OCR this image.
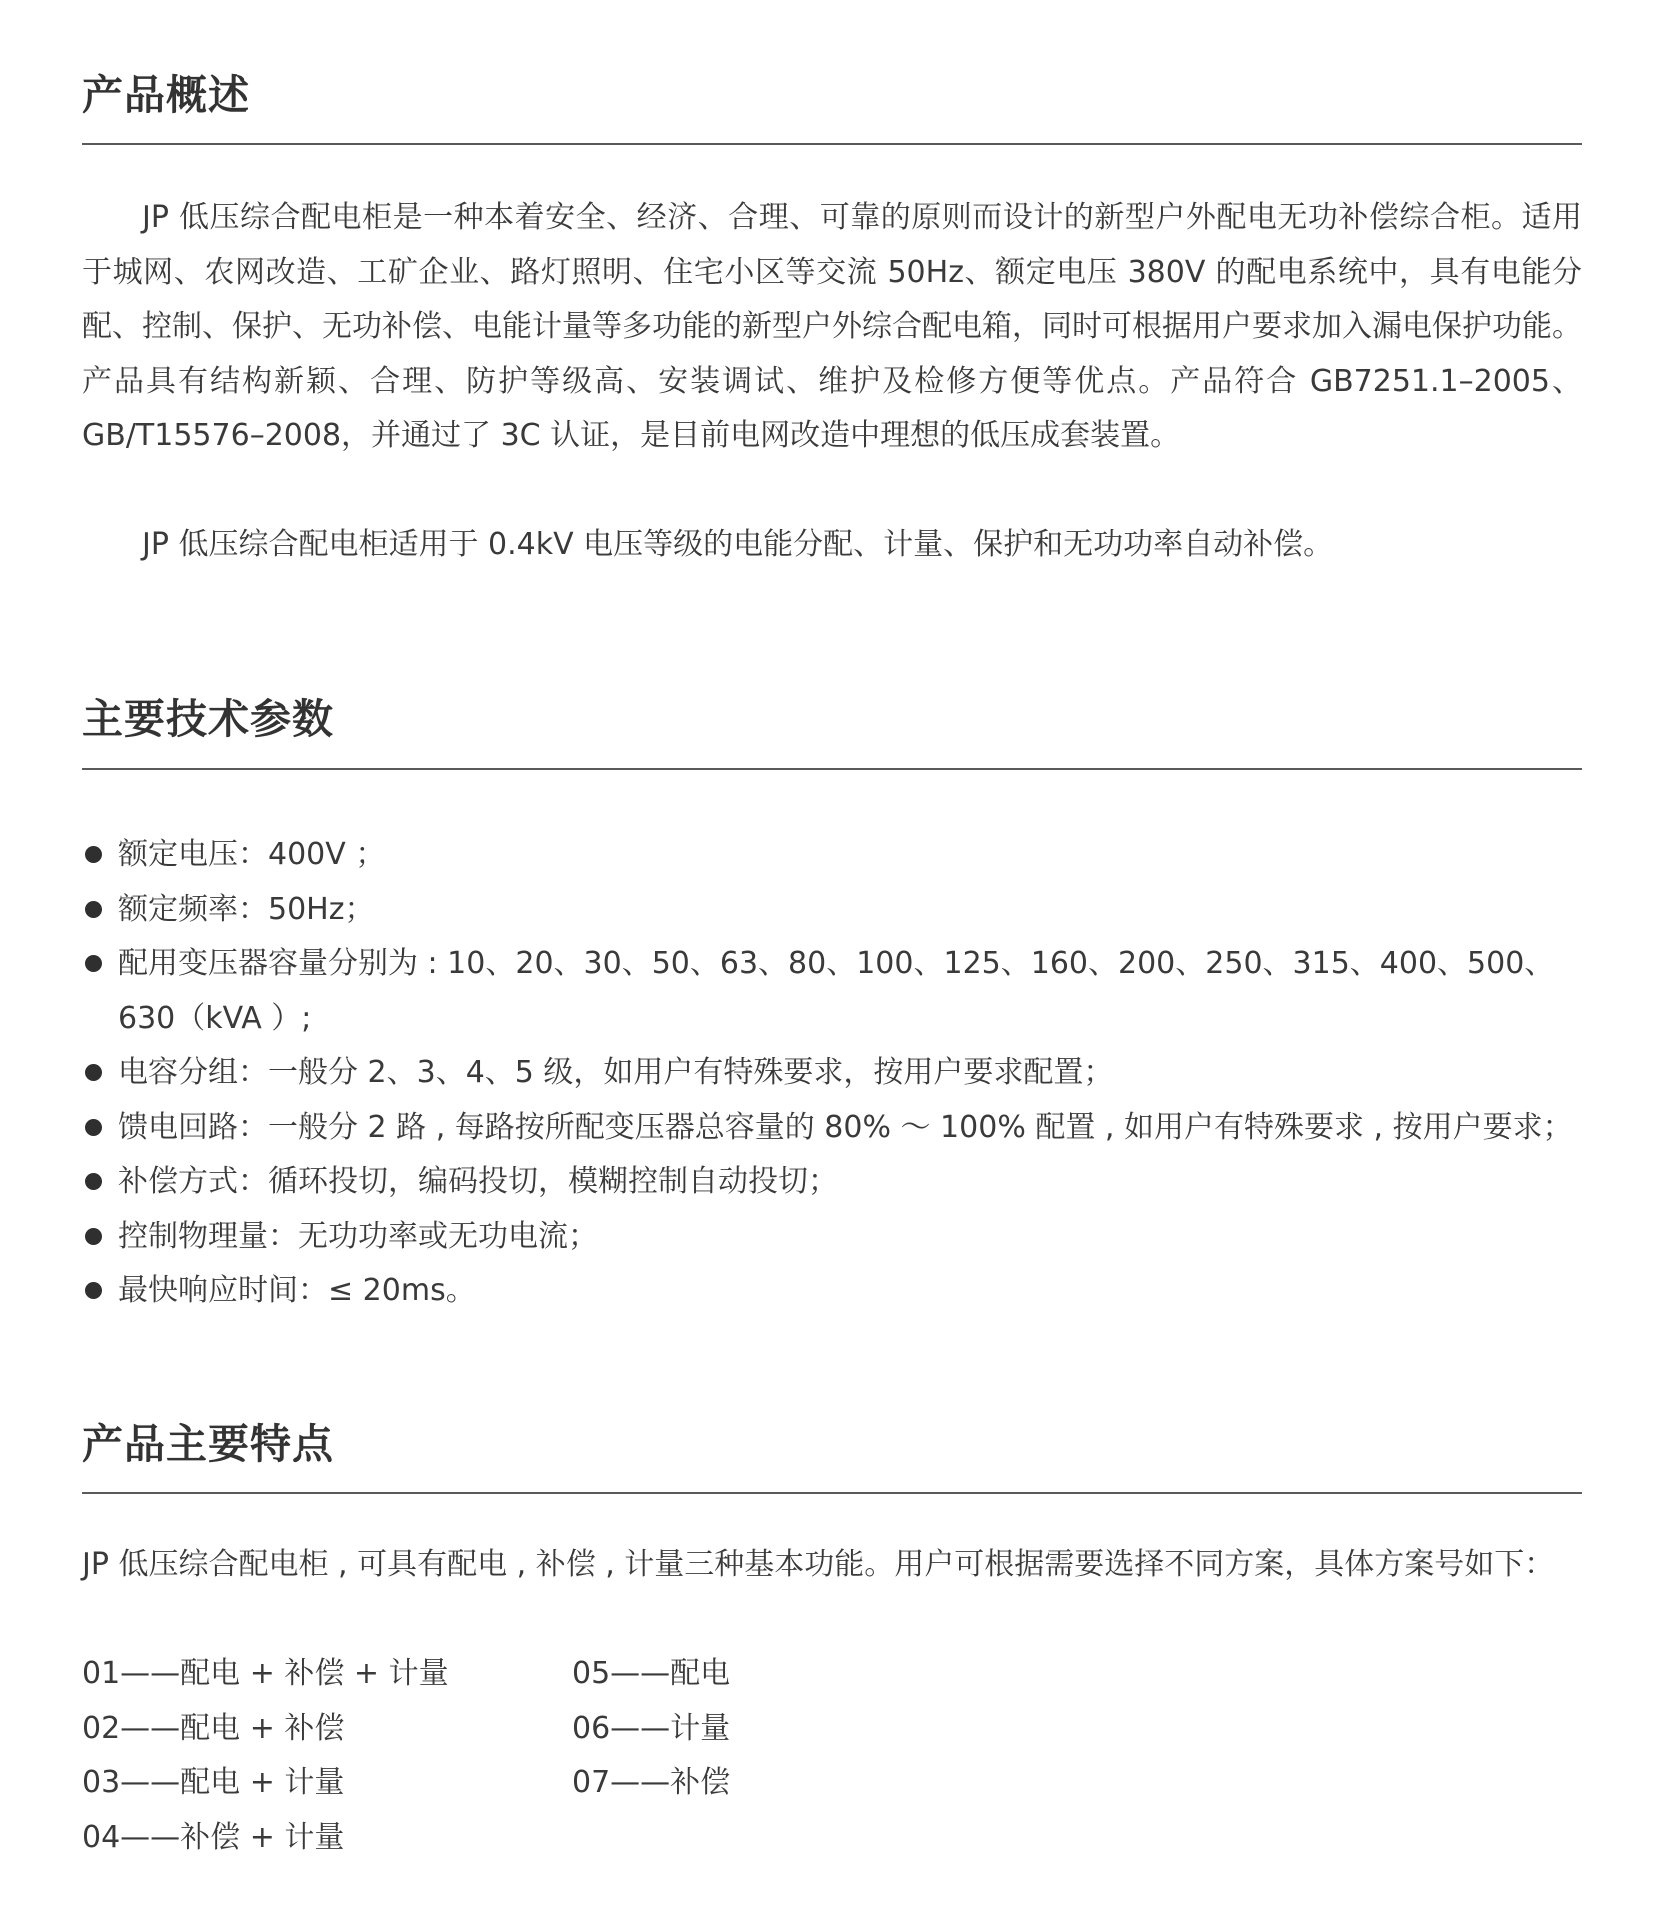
产品概述

JP 低压综合配电柜是一种本着安全、经济、合理、可靠的原则而设计的新型户外配电无功补偿综合柜。适用于城网、农网改造、工矿企业、路灯照明、住宅小区等交流 50Hz、额定电压 380V 的配电系统中，具有电能分配、控制、保护、无功补偿、电能计量等多功能的新型户外综合配电箱，同时可根据用户要求加入漏电保护功能。产品具有结构新颖、合理、防护等级高、安装调试、维护及检修方便等优点。产品符合 GB7251.1–2005、GB/T15576–2008，并通过了 3C 认证，是目前电网改造中理想的低压成套装置。

JP 低压综合配电柜适用于 0.4kV 电压等级的电能分配、计量、保护和无功功率自动补偿。

主要技术参数
额定电压：400V ；
额定频率：50Hz；
配用变压器容量分别为 : 10、20、30、50、63、80、100、125、160、200、250、315、400、500、630（kVA ）;
电容分组：一般分 2、3、4、5 级，如用户有特殊要求，按用户要求配置；
馈电回路：一般分 2 路 , 每路按所配变压器总容量的 80% ～ 100% 配置 , 如用户有特殊要求 , 按用户要求；
补偿方式：循环投切，编码投切，模糊控制自动投切；
控制物理量：无功功率或无功电流；
最快响应时间：≤ 20ms。
产品主要特点

JP 低压综合配电柜 , 可具有配电 , 补偿 , 计量三种基本功能。用户可根据需要选择不同方案，具体方案号如下：

01——配电 + 补偿 + 计量
02——配电 + 补偿
03——配电 + 计量
04——补偿 + 计量
05——配电
06——计量
07——补偿
